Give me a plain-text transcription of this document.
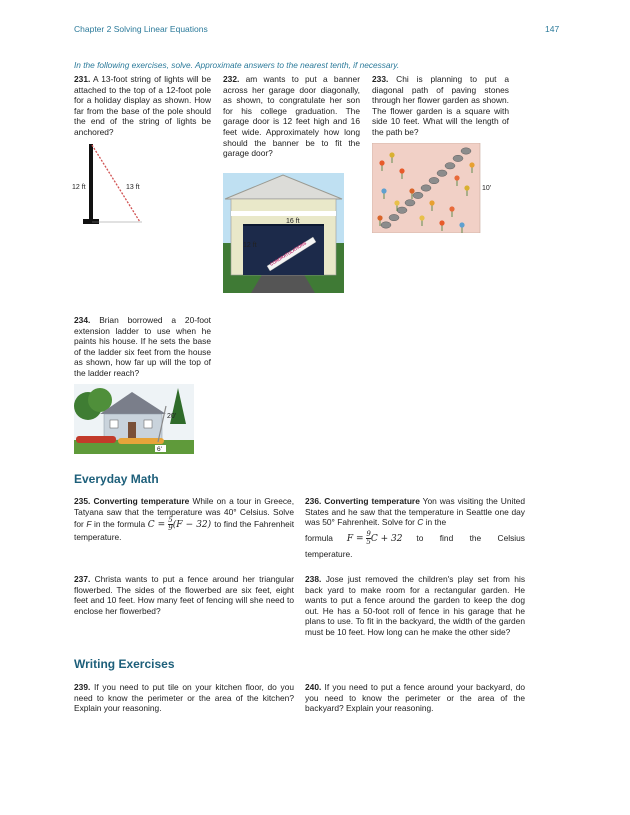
Chapter 2 Solving Linear Equations	147
In the following exercises, solve. Approximate answers to the nearest tenth, if necessary.
231. A 13-foot string of lights will be attached to the top of a 12-foot pole for a holiday display as shown. How far from the base of the pole should the end of the string of lights be anchored?
232. am wants to put a banner across her garage door diagonally, as shown, to congratulate her son for his college graduation. The garage door is 12 feet high and 16 feet wide. Approximately how long should the banner be to fit the garage door?
233. Chi is planning to put a diagonal path of paving stones through her flower garden as shown. The flower garden is a square with side 10 feet. What will the length of the path be?
12 ft	13 ft
CONGRATULATIONS
16 ft
12 ft
10'
234. Brian borrowed a 20-foot extension ladder to use when he paints his house. If he sets the base of the ladder six feet from the house as shown, how far up will the top of the ladder reach?
20'
6'
Everyday Math
235. Converting temperature While on a tour in Greece, Tatyana saw that the temperature was 40° Celsius. Solve for F in the formula $C = \frac{5}{9} (F - 32)$ to find the Fahrenheit temperature.
236. Converting temperature Yon was visiting the United States and he saw that the temperature in Seattle one day was 50° Fahrenheit. Solve for C in the
formula $F = \frac{9}{5}$ C + 32 to find the Celsius
temperature.
237. Christa wants to put a fence around her triangular flowerbed. The sides of the flowerbed are six feet, eight feet and 10 feet. How many feet of fencing will she need to enclose her flowerbed?
238. Jose just removed the children's play set from his back yard to make room for a rectangular garden. He wants to put a fence around the garden to keep the dog out. He has a 50-foot roll of fence in his garage that he plans to use. To fit in the backyard, the width of the garden must be 10 feet. How long can he make the other side?
Writing Exercises
239. If you need to put tile on your kitchen floor, do you need to know the perimeter or the area of the kitchen? Explain your reasoning.
240. If you need to put a fence around your backyard, do you need to know the perimeter or the area of the backyard? Explain your reasoning.
